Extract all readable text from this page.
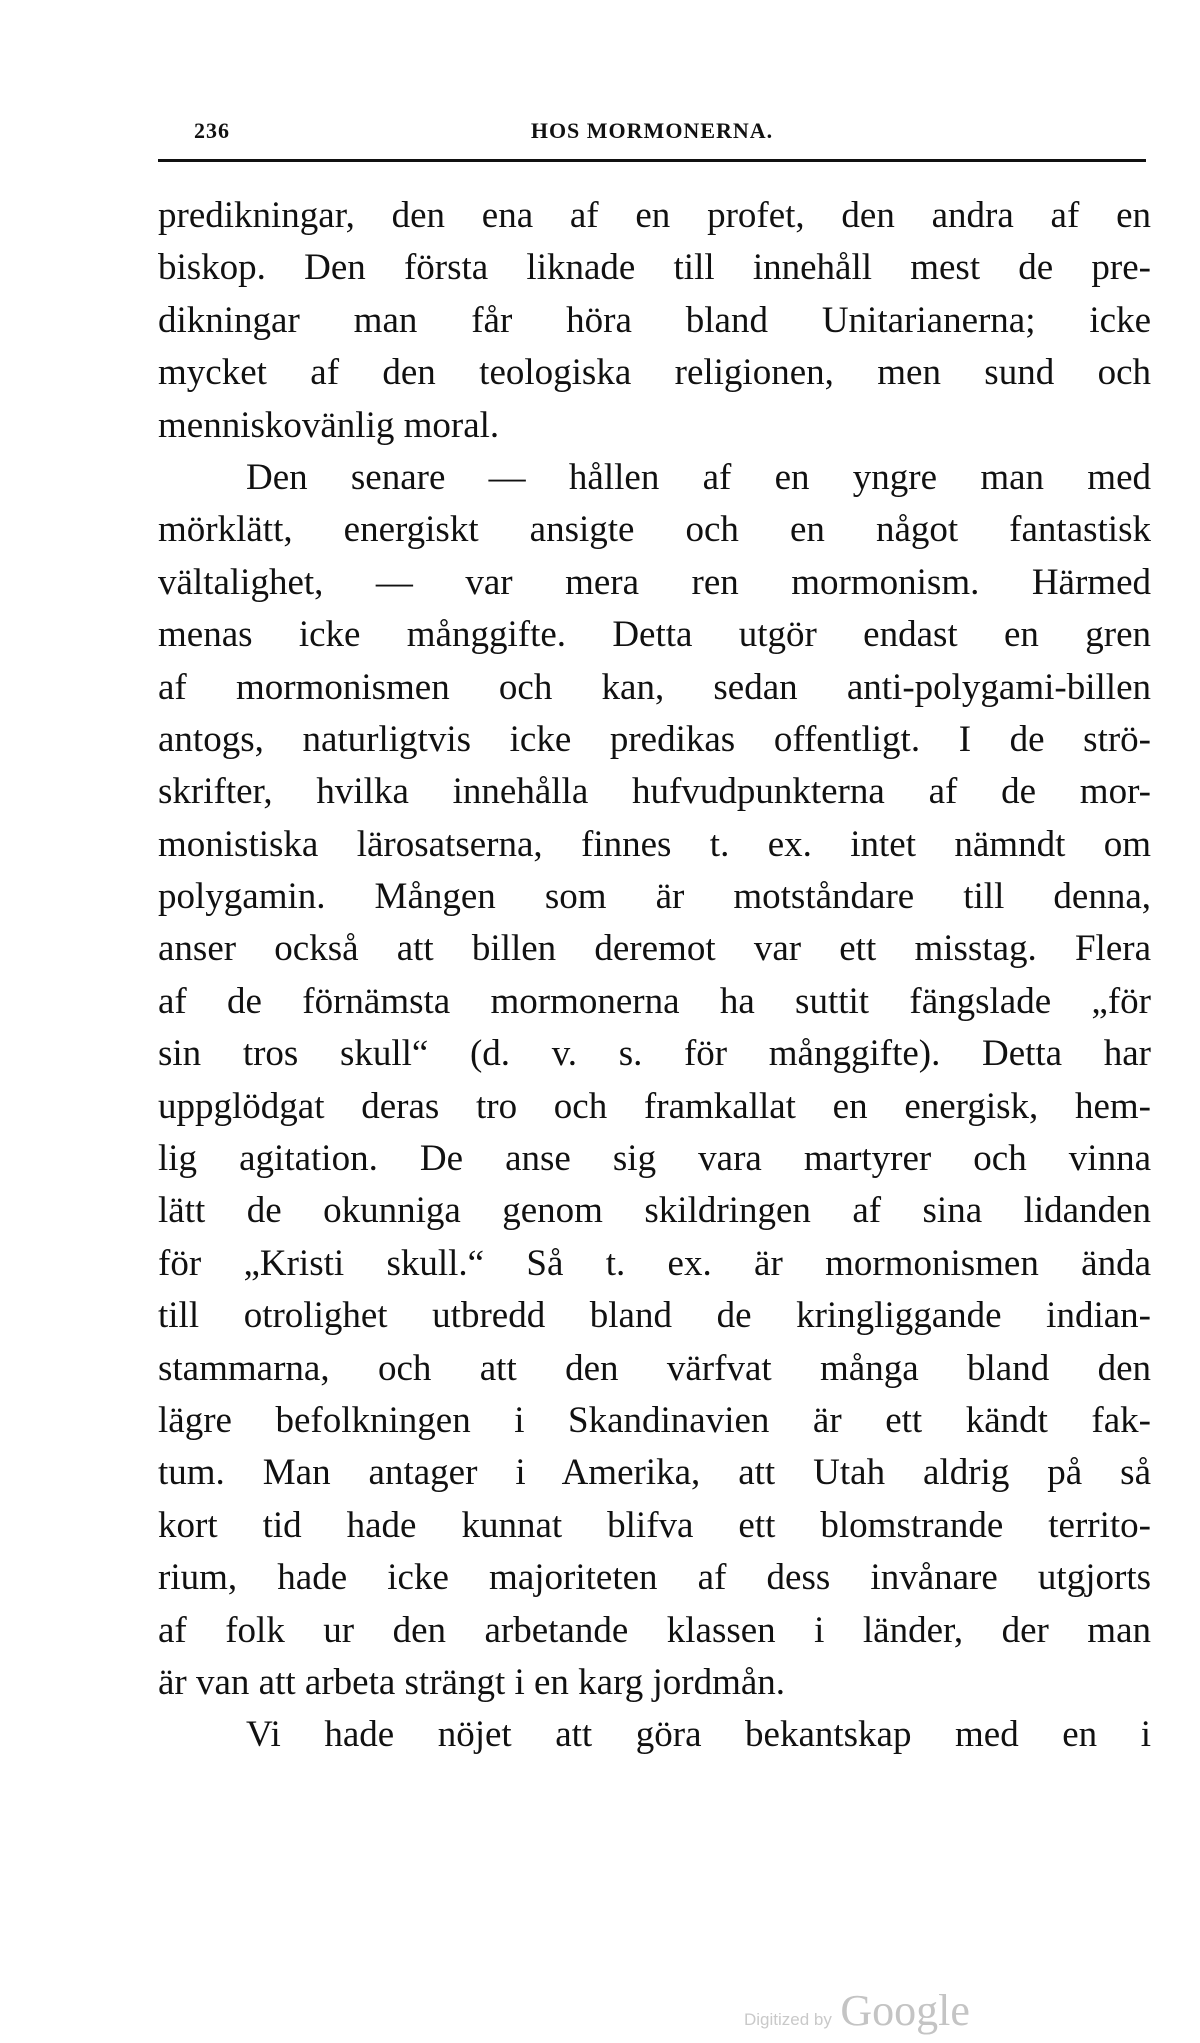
236	HOS MORMONERNA.
predikningar, den ena af en profet, den andra af en
biskop. Den första liknade till innehåll mest de pre-
dikningar man får höra bland Unitarianerna; icke
mycket af den teologiska religionen, men sund och
menniskovänlig moral.
Den senare — hållen af en yngre man med
mörklätt, energiskt ansigte och en något fantastisk
vältalighet, — var mera ren mormonism. Härmed
menas icke månggifte. Detta utgör endast en gren
af mormonismen och kan, sedan anti-polygami-billen
antogs, naturligtvis icke predikas offentligt. I de strö-
skrifter, hvilka innehålla hufvudpunkterna af de mor-
monistiska lärosatserna, finnes t. ex. intet nämndt om
polygamin. Mången som är motståndare till denna,
anser också att billen deremot var ett misstag. Flera
af de förnämsta mormonerna ha suttit fängslade „för
sin tros skull“ (d. v. s. för månggifte). Detta har
uppglödgat deras tro och framkallat en energisk, hem-
lig agitation. De anse sig vara martyrer och vinna
lätt de okunniga genom skildringen af sina lidanden
för „Kristi skull.“ Så t. ex. är mormonismen ända
till otrolighet utbredd bland de kringliggande indian-
stammarna, och att den värfvat många bland den
lägre befolkningen i Skandinavien är ett kändt fak-
tum. Man antager i Amerika, att Utah aldrig på så
kort tid hade kunnat blifva ett blomstrande territo-
rium, hade icke majoriteten af dess invånare utgjorts
af folk ur den arbetande klassen i länder, der man
är van att arbeta strängt i en karg jordmån.
Vi hade nöjet att göra bekantskap med en i
Digitized by Google
